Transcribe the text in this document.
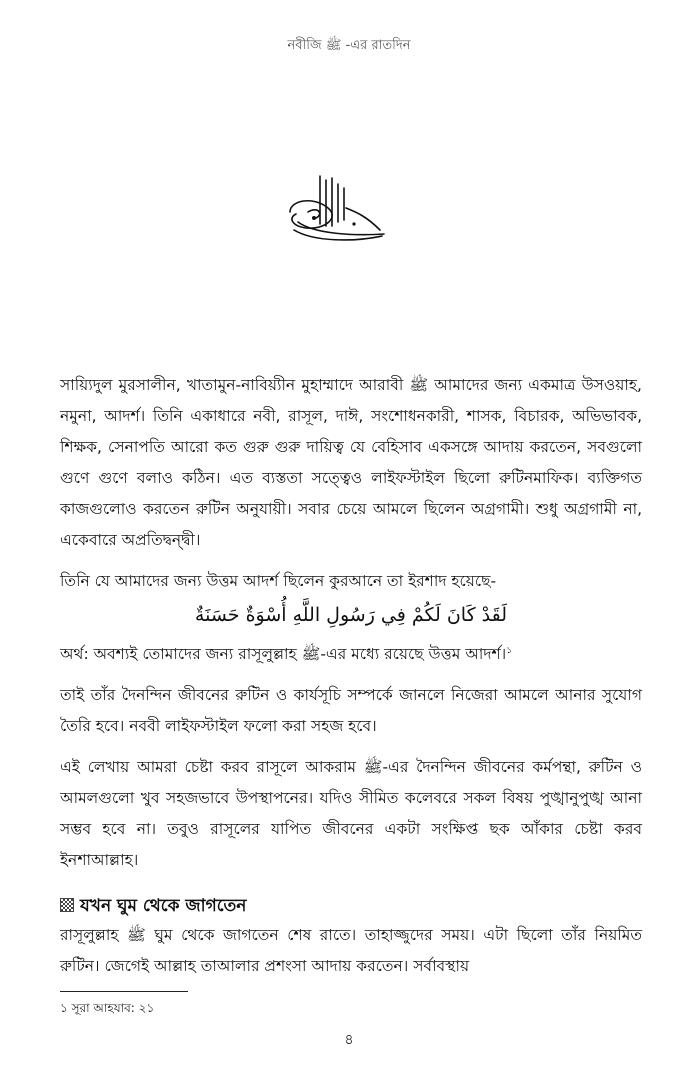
নবীজি ﷺ -এর রাতদিন

সায়্যিদুল মুরসালীন, খাতামুন-নাবিয়্যীন মুহাম্মাদে আরাবী ﷺ আমাদের জন্য একমাত্র উসওয়াহ, নমুনা, আদর্শ। তিনি একাধারে নবী, রাসূল, দাঈ, সংশোধনকারী, শাসক, বিচারক, অভিভাবক, শিক্ষক, সেনাপতি আরো কত গুরু গুরু দায়িত্ব যে বেহিসাব একসঙ্গে আদায় করতেন, সবগুলো গুণে গুণে বলাও কঠিন। এত ব্যস্ততা সত্ত্বেও লাইফস্টাইল ছিলো রুটিনমাফিক। ব্যক্তিগত কাজগুলোও করতেন রুটিন অনুযায়ী। সবার চেয়ে আমলে ছিলেন অগ্রগামী। শুধু অগ্রগামী না, একেবারে অপ্রতিদ্বন্দ্বী।

তিনি যে আমাদের জন্য উত্তম আদর্শ ছিলেন কুরআনে তা ইরশাদ হয়েছে-

لَقَدْ كَانَ لَكُمْ فِي رَسُولِ اللَّهِ أُسْوَةٌ حَسَنَةٌ

অর্থ: অবশ্যই তোমাদের জন্য রাসূলুল্লাহ ﷺ-এর মধ্যে রয়েছে উত্তম আদর্শ।$^১$

তাই তাঁর দৈনন্দিন জীবনের রুটিন ও কার্যসূচি সম্পর্কে জানলে নিজেরা আমলে আনার সুযোগ তৈরি হবে। নববী লাইফস্টাইল ফলো করা সহজ হবে।

এই লেখায় আমরা চেষ্টা করব রাসূলে আকরাম ﷺ-এর দৈনন্দিন জীবনের কর্মপন্থা, রুটিন ও আমলগুলো খুব সহজভাবে উপস্থাপনের। যদিও সীমিত কলেবরে সকল বিষয় পুঙ্খানুপুঙ্খ আনা সম্ভব হবে না। তবুও রাসূলের যাপিত জীবনের একটা সংক্ষিপ্ত ছক আঁকার চেষ্টা করব ইনশাআল্লাহ।

যখন ঘুম থেকে জাগতেন

রাসূলুল্লাহ ﷺ ঘুম থেকে জাগতেন শেষ রাতে। তাহাজ্জুদের সময়। এটা ছিলো তাঁর নিয়মিত রুটিন। জেগেই আল্লাহ তাআলার প্রশংসা আদায় করতেন। সর্বাবস্থায়

১ সূরা আহযাব: ২১
৪
